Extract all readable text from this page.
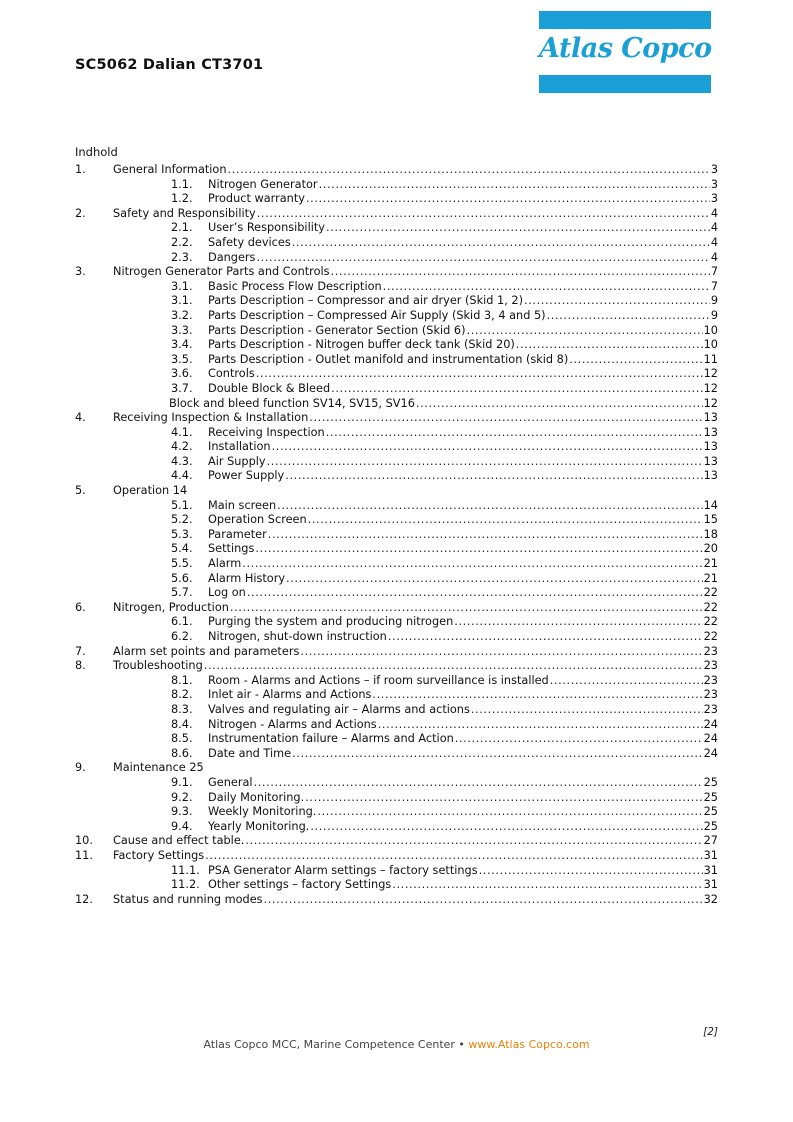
SC5062 Dalian CT3701
Atlas Copco
Indhold
1. General Information .....	3
1.1. Nitrogen Generator .....	3
1.2. Product warranty .....	3
2. Safety and Responsibility .....	4
2.1. User’s Responsibility .....	4
2.2. Safety devices .....	4
2.3. Dangers .....	4
3. Nitrogen Generator Parts and Controls .....	7
3.1. Basic Process Flow Description .....	7
3.1. Parts Description – Compressor and air dryer (Skid 1, 2) .....	9
3.2. Parts Description – Compressed Air Supply (Skid 3, 4 and 5) .....	9
3.3. Parts Description - Generator Section (Skid 6) .....	10
3.4. Parts Description - Nitrogen buffer deck tank (Skid 20) .....	10
3.5. Parts Description - Outlet manifold and instrumentation (skid 8) .....	11
3.6. Controls .....	12
3.7. Double Block & Bleed .....	12
Block and bleed function SV14, SV15, SV16 .....	12
4. Receiving Inspection & Installation .....	13
4.1. Receiving Inspection .....	13
4.2. Installation .....	13
4.3. Air Supply .....	13
4.4. Power Supply .....	13
5. Operation 14
5.1. Main screen .....	14
5.2. Operation Screen .....	15
5.3. Parameter .....	18
5.4. Settings .....	20
5.5. Alarm .....	21
5.6. Alarm History .....	21
5.7. Log on .....	22
6. Nitrogen, Production .....	22
6.1. Purging the system and producing nitrogen .....	22
6.2. Nitrogen, shut-down instruction .....	22
7. Alarm set points and parameters .....	23
8. Troubleshooting .....	23
8.1. Room - Alarms and Actions – if room surveillance is installed .....	23
8.2. Inlet air - Alarms and Actions .....	23
8.3. Valves and regulating air – Alarms and actions .....	23
8.4. Nitrogen - Alarms and Actions .....	24
8.5. Instrumentation failure – Alarms and Action .....	24
8.6. Date and Time .....	24
9. Maintenance 25
9.1. General .....	25
9.2. Daily Monitoring. .....	25
9.3. Weekly Monitoring. .....	25
9.4. Yearly Monitoring. .....	25
10. Cause and effect table. .....	27
11. Factory Settings .....	31
11.1. PSA Generator Alarm settings – factory settings .....	31
11.2. Other settings – factory Settings .....	31
12. Status and running modes .....	32
[2]
Atlas Copco MCC, Marine Competence Center • www.Atlas Copco.com
